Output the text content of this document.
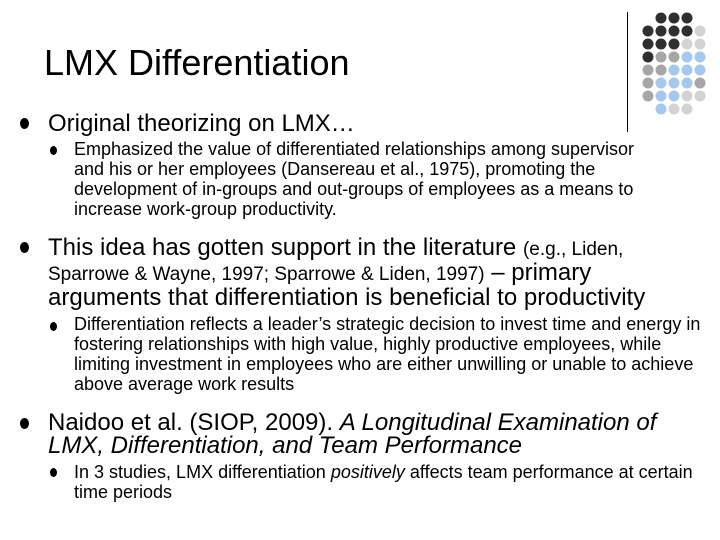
LMX Differentiation
Original theorizing on LMX…
Emphasized the value of differentiated relationships among supervisor and his or her employees (Dansereau et al., 1975), promoting the development of in-groups and out-groups of employees as a means to increase work-group productivity.
This idea has gotten support in the literature (e.g., Liden, Sparrowe & Wayne, 1997; Sparrowe & Liden, 1997) – primary arguments that differentiation is beneficial to productivity
Differentiation reflects a leader’s strategic decision to invest time and energy in fostering relationships with high value, highly productive employees, while limiting investment in employees who are either unwilling or unable to achieve above average work results
Naidoo et al. (SIOP, 2009). A Longitudinal Examination of LMX, Differentiation, and Team Performance
In 3 studies, LMX differentiation positively affects team performance at certain time periods
